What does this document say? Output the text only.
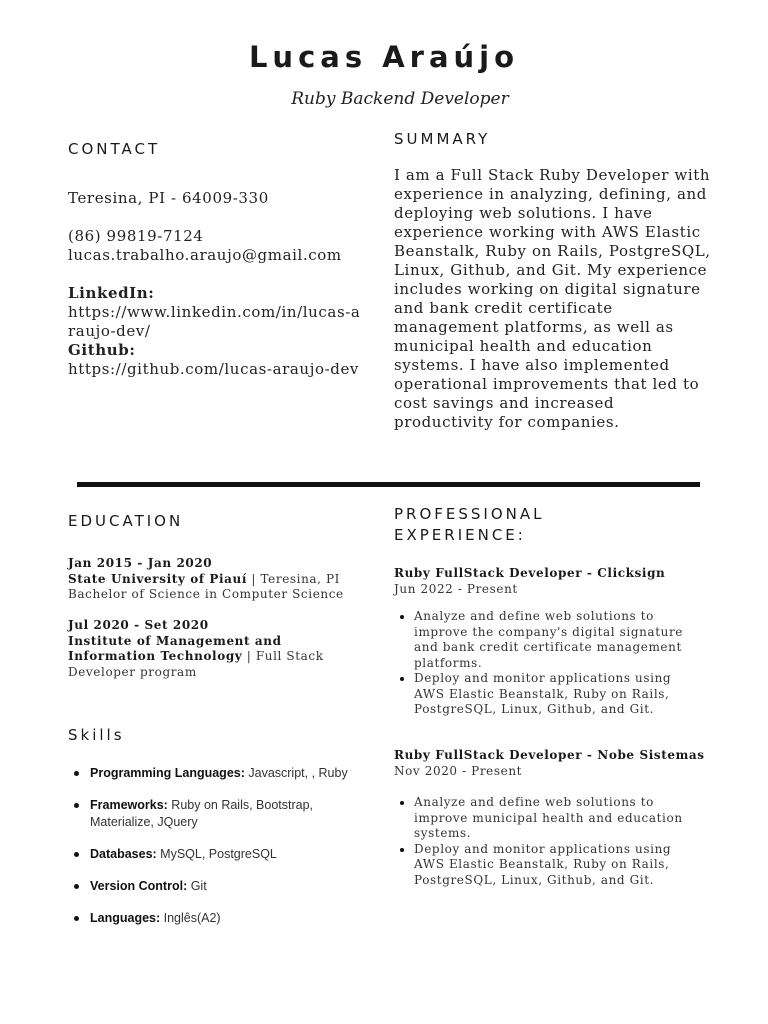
Lucas Araújo
Ruby Backend Developer
CONTACT

Teresina, PI - 64009-330

(86) 99819-7124

lucas.trabalho.araujo@gmail.com

LinkedIn:

https://www.linkedin.com/in/lucas-araujo-dev/

Github:

https://github.com/lucas-araujo-dev

SUMMARY
I am a Full Stack Ruby Developer with experience in analyzing, defining, and deploying web solutions. I have experience working with AWS Elastic Beanstalk, Ruby on Rails, PostgreSQL, Linux, Github, and Git. My experience includes working on digital signature and bank credit certificate management platforms, as well as municipal health and education systems. I have also implemented operational improvements that led to cost savings and increased productivity for companies.
EDUCATION
Jan 2015 - Jan 2020
State University of Piauí | Teresina, PI
Bachelor of Science in Computer Science
Jul 2020 - Set 2020
Institute of Management and
Information Technology | Full Stack
Developer program
Skills
Programming Languages: Javascript, , Ruby
Frameworks: Ruby on Rails, Bootstrap, Materialize, JQuery
Databases: MySQL, PostgreSQL
Version Control: Git
Languages: Inglês(A2)
PROFESSIONAL
EXPERIENCE:
Ruby FullStack Developer - Clicksign
Jun 2022 - Present
Analyze and define web solutions to improve the company's digital signature and bank credit certificate management platforms.
Deploy and monitor applications using AWS Elastic Beanstalk, Ruby on Rails, PostgreSQL, Linux, Github, and Git.
Ruby FullStack Developer - Nobe Sistemas
Nov 2020 - Present
Analyze and define web solutions to improve municipal health and education systems.
Deploy and monitor applications using AWS Elastic Beanstalk, Ruby on Rails, PostgreSQL, Linux, Github, and Git.
